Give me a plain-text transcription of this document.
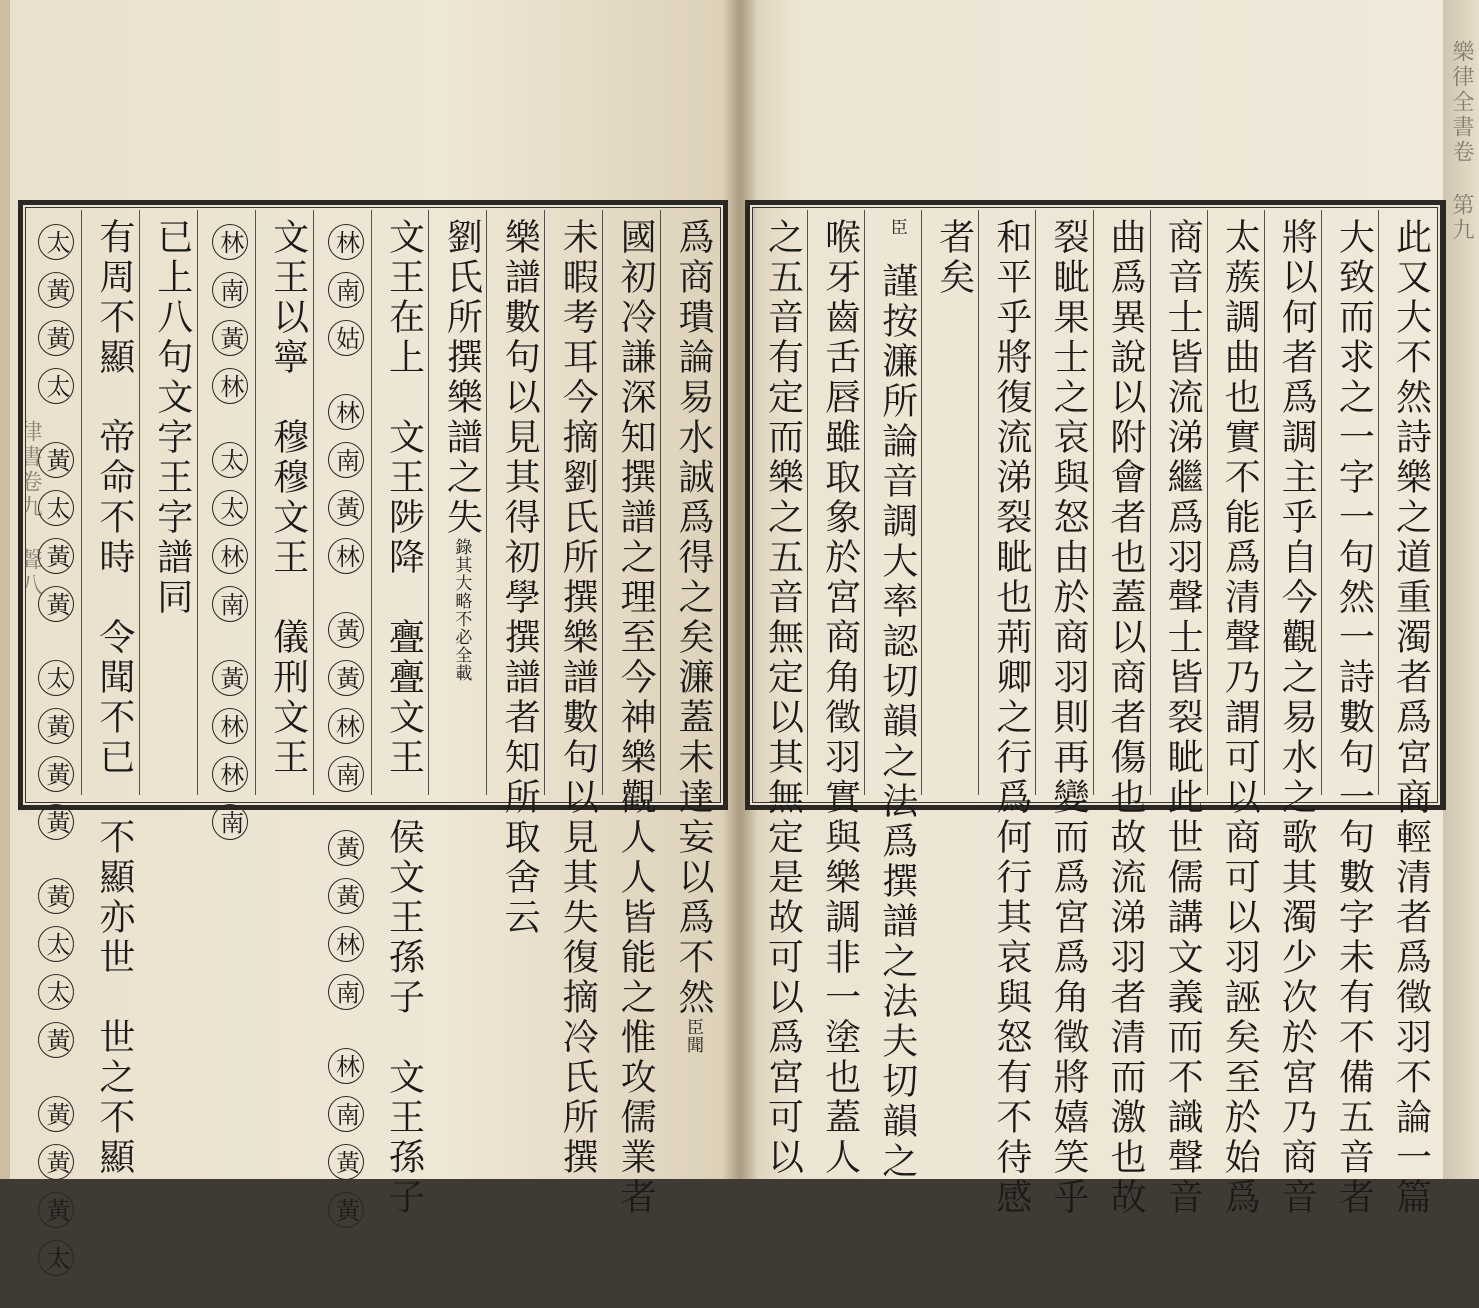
律書卷九 聲八
樂律全書卷 第九
此又大不然詩樂之道重濁者爲宮商輕清者爲徵羽不論一篇
大致而求之一字一句然一詩數句一句數字未有不備五音者
將以何者爲調主乎自今觀之易水之歌其濁少次於宮乃商音
太蔟調曲也實不能爲清聲乃謂可以商可以羽誣矣至於始爲
商音士皆流涕繼爲羽聲士皆裂眦此世儒講文義而不識聲音
曲爲異說以附會者也蓋以商者傷也故流涕羽者清而激也故
裂眦果士之哀與怒由於商羽則再變而爲宮爲角徵將嬉笑乎
和平乎將復流涕裂眦也荊卿之行爲何行其哀與怒有不待感
者矣
臣謹按濂所論音調大率認切韻之法爲撰譜之法夫切韻之
喉牙齒舌唇雖取象於宮商角徵羽實與樂調非一塗也蓋人
之五音有定而樂之五音無定以其無定是故可以爲宮可以
爲商璝論易水誠爲得之矣濂蓋未達妄以爲不然臣聞
國初冷謙深知撰譜之理至今神樂觀人人皆能之惟攻儒業者
未暇考耳今摘劉氏所撰樂譜數句以見其失復摘冷氏所撰
樂譜數句以見其得初學撰譜者知所取舍云
劉氏所撰樂譜之失錄其大略不必全載
文王在上　文王陟降　亹亹文王　侯文王孫子　文王孫子
林南姑林南黃林黃黃林南黃黃林南林南黃黃
文王以寧　穆穆文王　儀刑文王
林南黃林太太林南黃林林南
已上八句文字王字譜同
有周不顯　帝命不時　令聞不已　不顯亦世　世之不顯
太黃黃太黃太黃黃太黃黃黃黃太太黃黃黃黃太
